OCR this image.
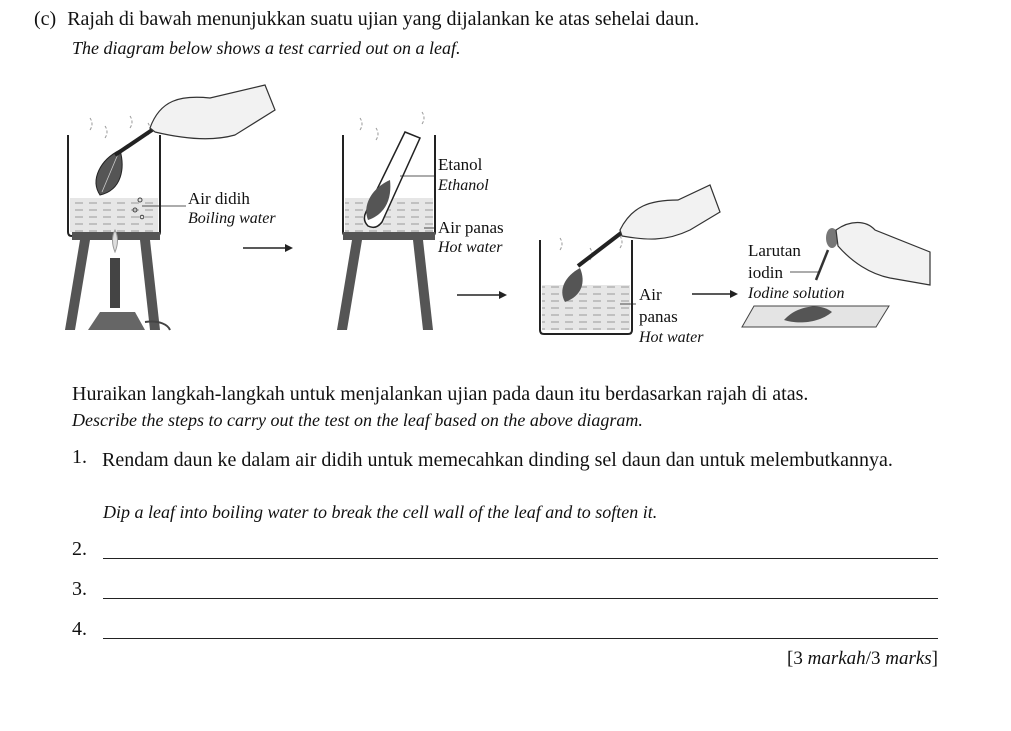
(c) Rajah di bawah menunjukkan suatu ujian yang dijalankan ke atas sehelai daun.
The diagram below shows a test carried out on a leaf.
Air didih
Boiling water
Etanol
Ethanol
Air panas
Hot water
Air
panas
Hot water
Larutan
iodin
Iodine solution
Huraikan langkah-langkah untuk menjalankan ujian pada daun itu berdasarkan rajah di atas.
Describe the steps to carry out the test on the leaf based on the above diagram.
1. Rendam daun ke dalam air didih untuk memecahkan dinding sel daun dan untuk melembutkannya.
Dip a leaf into boiling water to break the cell wall of the leaf and to soften it.
2.
3.
4.
[3 markah/3 marks]
